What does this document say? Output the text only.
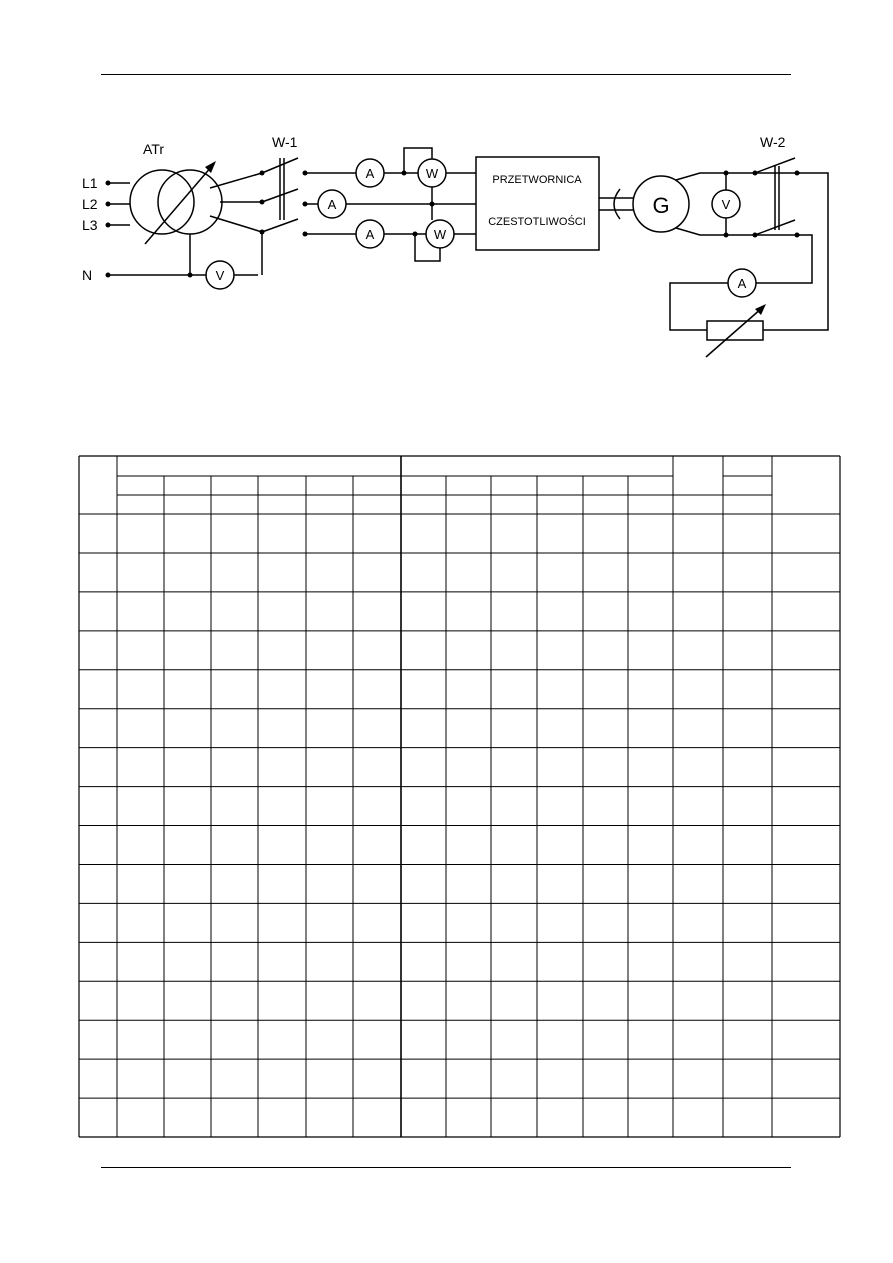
ATr	W-1	W-2
L1
L2
L3
N	V
A	W
A
A	W
V
A
G
PRZETWORNICA
CZESTOTLIWOŚCI
